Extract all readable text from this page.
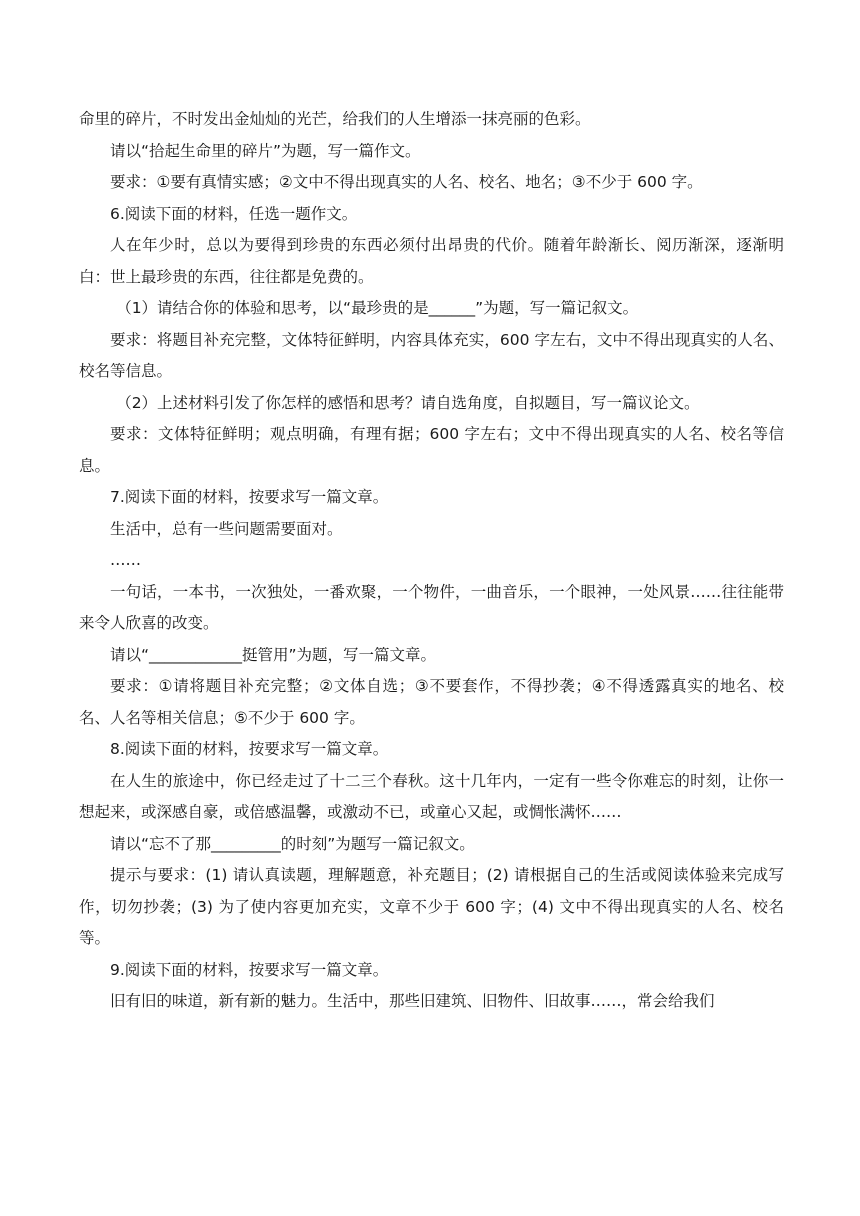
命里的碎片，不时发出金灿灿的光芒，给我们的人生增添一抹亮丽的色彩。

请以“拾起生命里的碎片”为题，写一篇作文。

要求：①要有真情实感；②文中不得出现真实的人名、校名、地名；③不少于 600 字。

6.阅读下面的材料，任选一题作文。

人在年少时，总以为要得到珍贵的东西必须付出昂贵的代价。随着年龄渐长、阅历渐深，逐渐明白：世上最珍贵的东西，往往都是免费的。

（1）请结合你的体验和思考，以“最珍贵的是______”为题，写一篇记叙文。

要求：将题目补充完整，文体特征鲜明，内容具体充实，600 字左右，文中不得出现真实的人名、校名等信息。

（2）上述材料引发了你怎样的感悟和思考？请自选角度，自拟题目，写一篇议论文。

要求：文体特征鲜明；观点明确，有理有据；600 字左右；文中不得出现真实的人名、校名等信息。

7.阅读下面的材料，按要求写一篇文章。

生活中，总有一些问题需要面对。

……

一句话，一本书，一次独处，一番欢聚，一个物件，一曲音乐，一个眼神，一处风景……往往能带来令人欣喜的改变。

请以“____________挺管用”为题，写一篇文章。

要求：①请将题目补充完整；②文体自选；③不要套作，不得抄袭；④不得透露真实的地名、校名、人名等相关信息；⑤不少于 600 字。

8.阅读下面的材料，按要求写一篇文章。

在人生的旅途中，你已经走过了十二三个春秋。这十几年内，一定有一些令你难忘的时刻，让你一想起来，或深感自豪，或倍感温馨，或激动不已，或童心又起，或惆怅满怀……

请以“忘不了那_________的时刻”为题写一篇记叙文。

提示与要求：(1) 请认真读题，理解题意，补充题目；(2) 请根据自己的生活或阅读体验来完成写作，切勿抄袭；(3) 为了使内容更加充实，文章不少于 600 字；(4) 文中不得出现真实的人名、校名等。

9.阅读下面的材料，按要求写一篇文章。

旧有旧的味道，新有新的魅力。生活中，那些旧建筑、旧物件、旧故事……，常会给我们
